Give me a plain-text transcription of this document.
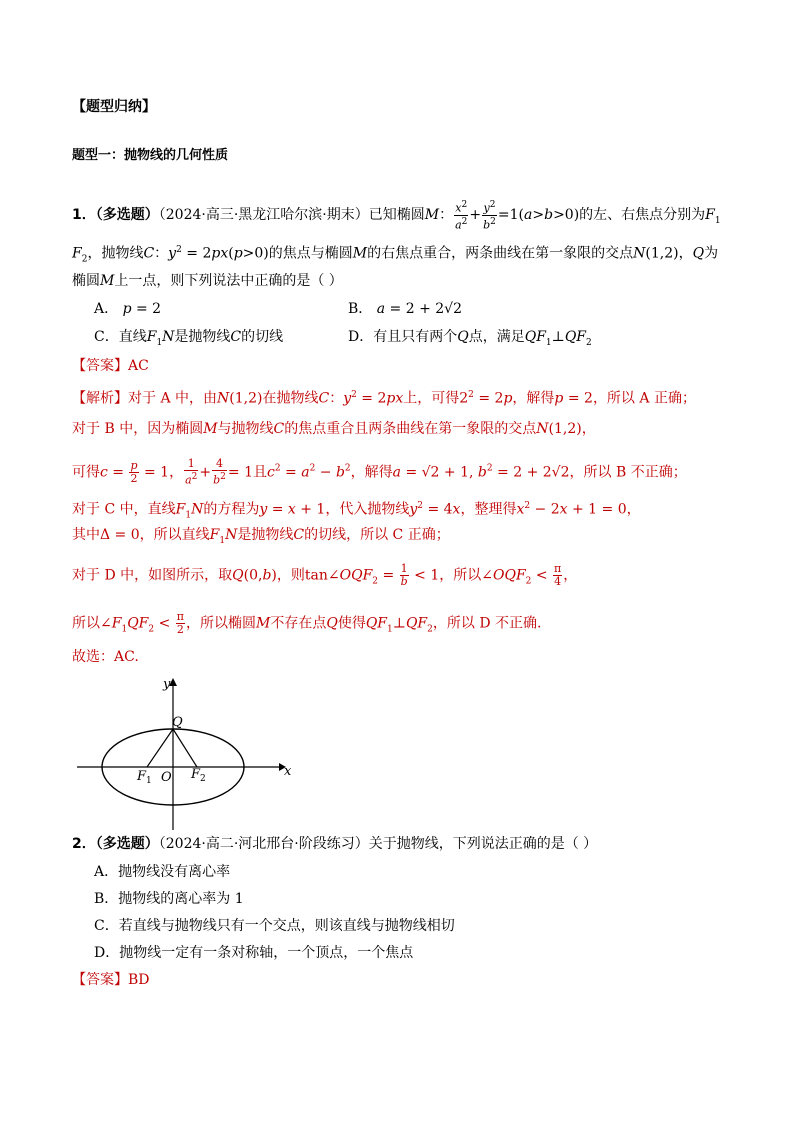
【题型归纳】
题型一：抛物线的几何性质
1．（多选题）（2024·高三·黑龙江哈尔滨·期末）已知椭圆M： $\frac{x^2}{a^2} + \frac{y^2}{b^2} =1(a>b>0)$的左、右焦点分别为$F_1$
$F_2$，抛物线C：$y^2 = 2px(p>0)$的焦点与椭圆M的右焦点重合，两条曲线在第一象限的交点N(1,2)，Q为
椭圆M上一点，则下列说法中正确的是（ ）
A． p = 2	B． a = 2 + 2√2
C．直线$F_1N$是抛物线C的切线	D．有且只有两个Q点，满足$QF_1\perp QF_2$
【答案】AC
【解析】对于 A 中，由N(1,2)在抛物线C：$y^2 = 2px$上，可得$2^2 = 2p$，解得p = 2，所以 A 正确；
对于 B 中，因为椭圆M与抛物线C的焦点重合且两条曲线在第一象限的交点N(1,2)，
可得$c = \frac{p}{2} = 1$， $\frac{1}{a^2} + \frac{4}{b^2} = 1$且$c^2 = a^2 - b^2$，解得a = √2 + 1, $b^2 = 2 + 2√2$，所以 B 不正确；
对于 C 中，直线$F_1N$的方程为y = x + 1，代入抛物线$y^2 = 4x$，整理得$x^2 - 2x + 1 = 0$，
其中Δ = 0，所以直线$F_1N$是抛物线C的切线，所以 C 正确；
对于 D 中，如图所示，取Q(0,b)，则$\tan\angle OQF_2 = \frac{1}{b} < 1$，所以$\angle OQF_2 < \frac{\pi}{4}$ ，
所以$\angle F_1QF_2 < \frac{\pi}{2}$ ，所以椭圆M不存在点Q使得$QF_1\perp QF_2$，所以 D 不正确.
故选：AC.
y
x
Q
O
$F_1$	$F_2$
2．（多选题）（2024·高二·河北邢台·阶段练习）关于抛物线，下列说法正确的是（ ）
A．抛物线没有离心率
B．抛物线的离心率为 1
C．若直线与抛物线只有一个交点，则该直线与抛物线相切
D．抛物线一定有一条对称轴，一个顶点，一个焦点
【答案】BD
